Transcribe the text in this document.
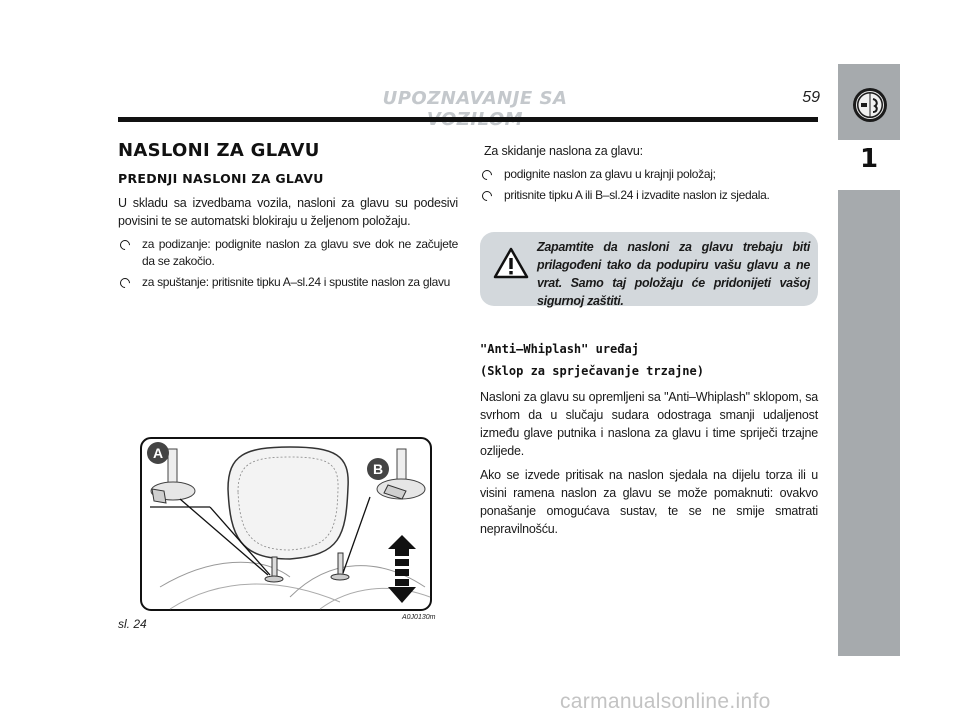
UPOZNAVANJE SA	59
1
NASLONI ZA GLAVU
PREDNJI NASLONI ZA GLAVU

U skladu sa izvedbama vozila, nasloni za glavu su podesivi povisini te se automatski blokiraju u željenom položaju.

za podizanje: podignite naslon za glavu sve dok ne začujete da se zakočio.
za spuštanje: pritisnite tipku A–sl.24 i spustite naslon za glavu
A
B
sl. 24	A0J0130m

Za skidanje naslona za glavu:

podignite naslon za glavu u krajnji položaj;
pritisnite tipku A ili B–sl.24 i izvadite naslon iz sjedala.
Zapamtite da nasloni za glavu trebaju biti prilagođeni tako da podupiru vašu glavu a ne vrat. Samo taj položaju će pridonijeti vašoj sigurnoj zaštiti.
"Anti–Whiplash" uređaj
(Sklop za sprječavanje trzajne)

Nasloni za glavu su opremljeni sa "Anti–Whiplash" sklopom, sa svrhom da u slučaju sudara odostraga smanji udaljenost između glave putnika i naslona za glavu i time spriječi trzajne ozlijede.

Ako se izvede pritisak na naslon sjedala na dijelu torza ili u visini ramena naslon za glavu se može pomaknuti: ovakvo ponašanje omogućava sustav, te se ne smije smatrati nepravilnošću.

carmanualsonline.info
